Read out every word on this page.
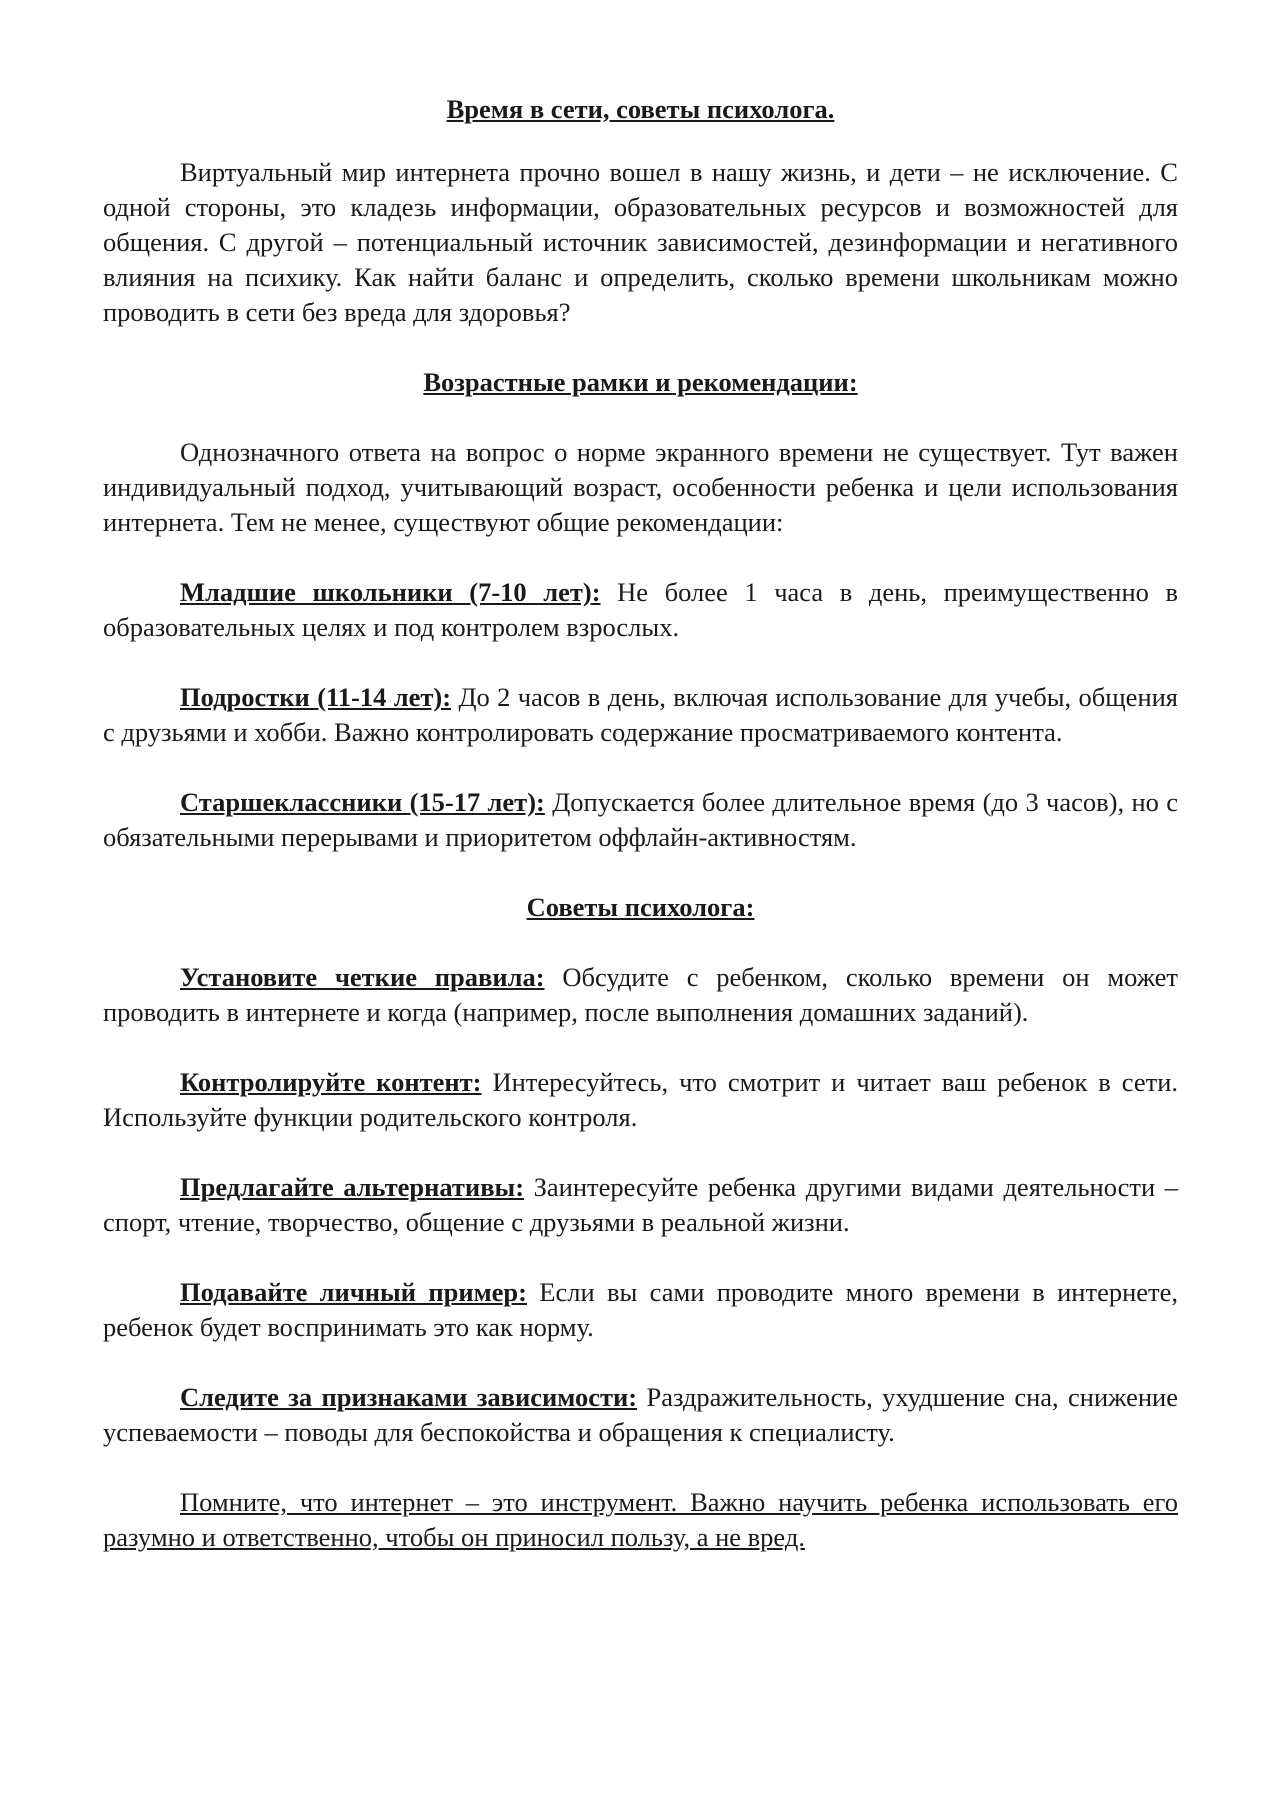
Время в сети, советы психолога.

Виртуальный мир интернета прочно вошел в нашу жизнь, и дети – не исключение. С одной стороны, это кладезь информации, образовательных ресурсов и возможностей для общения. С другой – потенциальный источник зависимостей, дезинформации и негативного влияния на психику. Как найти баланс и определить, сколько времени школьникам можно проводить в сети без вреда для здоровья?

Возрастные рамки и рекомендации:

Однозначного ответа на вопрос о норме экранного времени не существует. Тут важен индивидуальный подход, учитывающий возраст, особенности ребенка и цели использования интернета. Тем не менее, существуют общие рекомендации:

Младшие школьники (7-10 лет): Не более 1 часа в день, преимущественно в образовательных целях и под контролем взрослых.

Подростки (11-14 лет): До 2 часов в день, включая использование для учебы, общения с друзьями и хобби. Важно контролировать содержание просматриваемого контента.

Старшеклассники (15-17 лет): Допускается более длительное время (до 3 часов), но с обязательными перерывами и приоритетом оффлайн-активностям.

Советы психолога:

Установите четкие правила: Обсудите с ребенком, сколько времени он может проводить в интернете и когда (например, после выполнения домашних заданий).

Контролируйте контент: Интересуйтесь, что смотрит и читает ваш ребенок в сети. Используйте функции родительского контроля.

Предлагайте альтернативы: Заинтересуйте ребенка другими видами деятельности – спорт, чтение, творчество, общение с друзьями в реальной жизни.

Подавайте личный пример: Если вы сами проводите много времени в интернете, ребенок будет воспринимать это как норму.

Следите за признаками зависимости: Раздражительность, ухудшение сна, снижение успеваемости – поводы для беспокойства и обращения к специалисту.

Помните, что интернет – это инструмент. Важно научить ребенка использовать его разумно и ответственно, чтобы он приносил пользу, а не вред.
